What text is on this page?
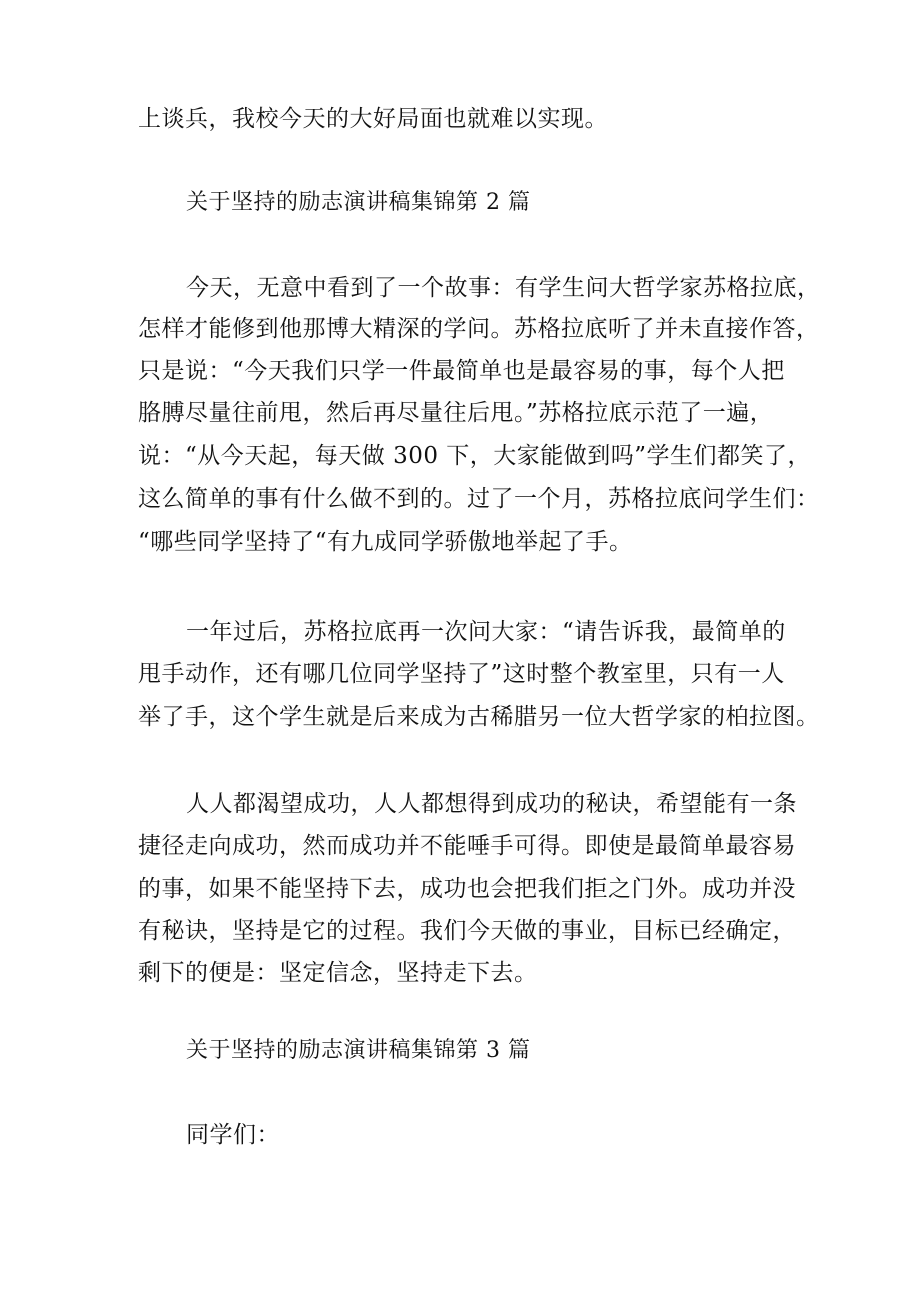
上谈兵，我校今天的大好局面也就难以实现。
关于坚持的励志演讲稿集锦第 2 篇
今天，无意中看到了一个故事：有学生问大哲学家苏格拉底，
怎样才能修到他那博大精深的学问。苏格拉底听了并未直接作答，
只是说：“今天我们只学一件最简单也是最容易的事，每个人把
胳膊尽量往前甩，然后再尽量往后甩。”苏格拉底示范了一遍，
说：“从今天起，每天做 300 下，大家能做到吗”学生们都笑了，
这么简单的事有什么做不到的。过了一个月，苏格拉底问学生们：
“哪些同学坚持了“有九成同学骄傲地举起了手。
一年过后，苏格拉底再一次问大家：“请告诉我，最简单的
甩手动作，还有哪几位同学坚持了”这时整个教室里，只有一人
举了手，这个学生就是后来成为古稀腊另一位大哲学家的柏拉图。
人人都渴望成功，人人都想得到成功的秘诀，希望能有一条
捷径走向成功，然而成功并不能唾手可得。即使是最简单最容易
的事，如果不能坚持下去，成功也会把我们拒之门外。成功并没
有秘诀，坚持是它的过程。我们今天做的事业，目标已经确定，
剩下的便是：坚定信念，坚持走下去。
关于坚持的励志演讲稿集锦第 3 篇
同学们：
